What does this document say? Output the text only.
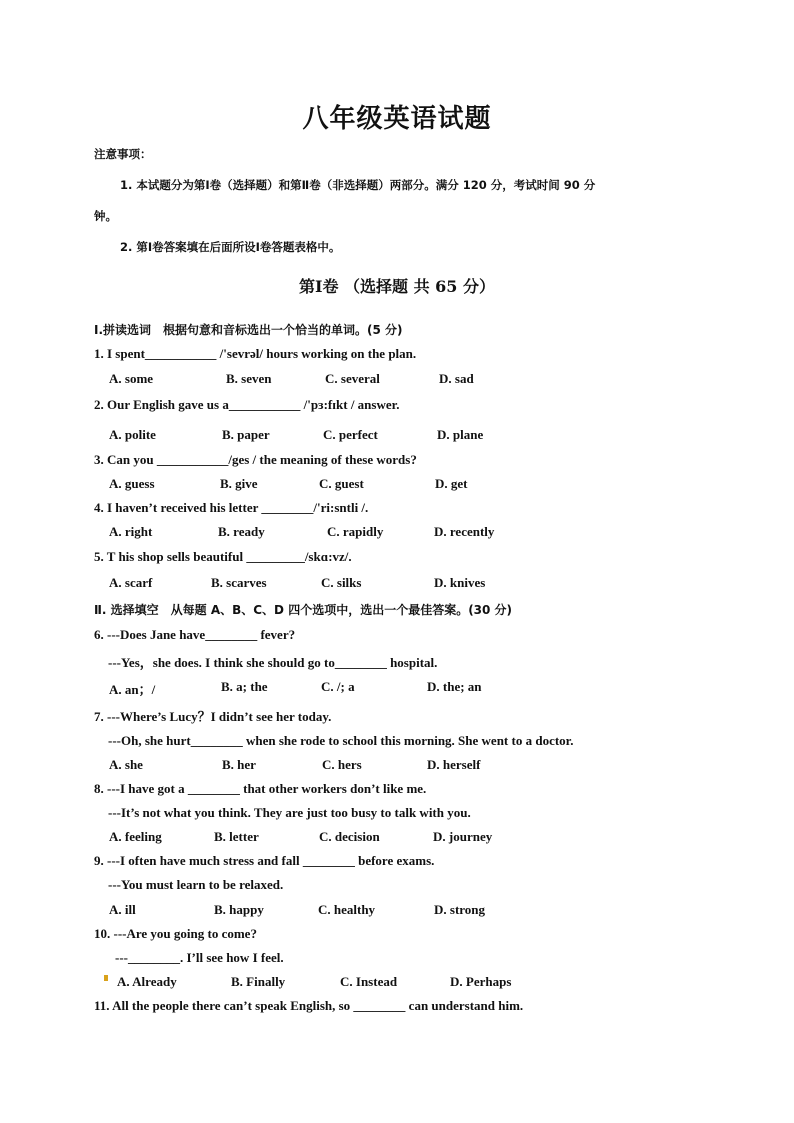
八年级英语试题
注意事项：
1. 本试题分为第Ⅰ卷（选择题）和第Ⅱ卷（非选择题）两部分。满分 120 分，考试时间 90 分
钟。
2. 第Ⅰ卷答案填在后面所设Ⅰ卷答题表格中。
第Ⅰ卷 （选择题 共 65 分）
Ⅰ.拼读选词　根据句意和音标选出一个恰当的单词。(5 分)
1. I spent___________ /'sevrəl/ hours working on the plan.
A. some	B. seven	C. several	D. sad
2. Our English gave us a___________ /'pɜ:fɪkt / answer.
A. polite	B. paper	C. perfect	D. plane
3. Can you ___________/ges / the meaning of these words?
A. guess	B. give	C. guest	D. get
4. I haven’t received his letter ________/'ri:sntli /.
A. right	B. ready	C. rapidly	D. recently
5. T his shop sells beautiful _________/skɑ:vz/.
A. scarf	B. scarves	C. silks	D. knives
Ⅱ. 选择填空　从每题 A、B、C、D 四个选项中，选出一个最佳答案。(30 分)
6. ---Does Jane have________ fever?
---Yes，she does. I think she should go to________ hospital.
A. an；/	B. a; the	C. /; a	D. the; an
7. ---Where’s Lucy？I didn’t see her today.
---Oh, she hurt________ when she rode to school this morning. She went to a doctor.
A. she	B. her	C. hers	D. herself
8. ---I have got a ________ that other workers don’t like me.
---It’s not what you think. They are just too busy to talk with you.
A. feeling	B. letter	C. decision	D. journey
9. ---I often have much stress and fall ________ before exams.
---You must learn to be relaxed.
A. ill	B. happy	C. healthy	D. strong
10. ---Are you going to come?
---________. I’ll see how I feel.
A. Already	B. Finally	C. Instead	D. Perhaps
11. All the people there can’t speak English, so ________ can understand him.
